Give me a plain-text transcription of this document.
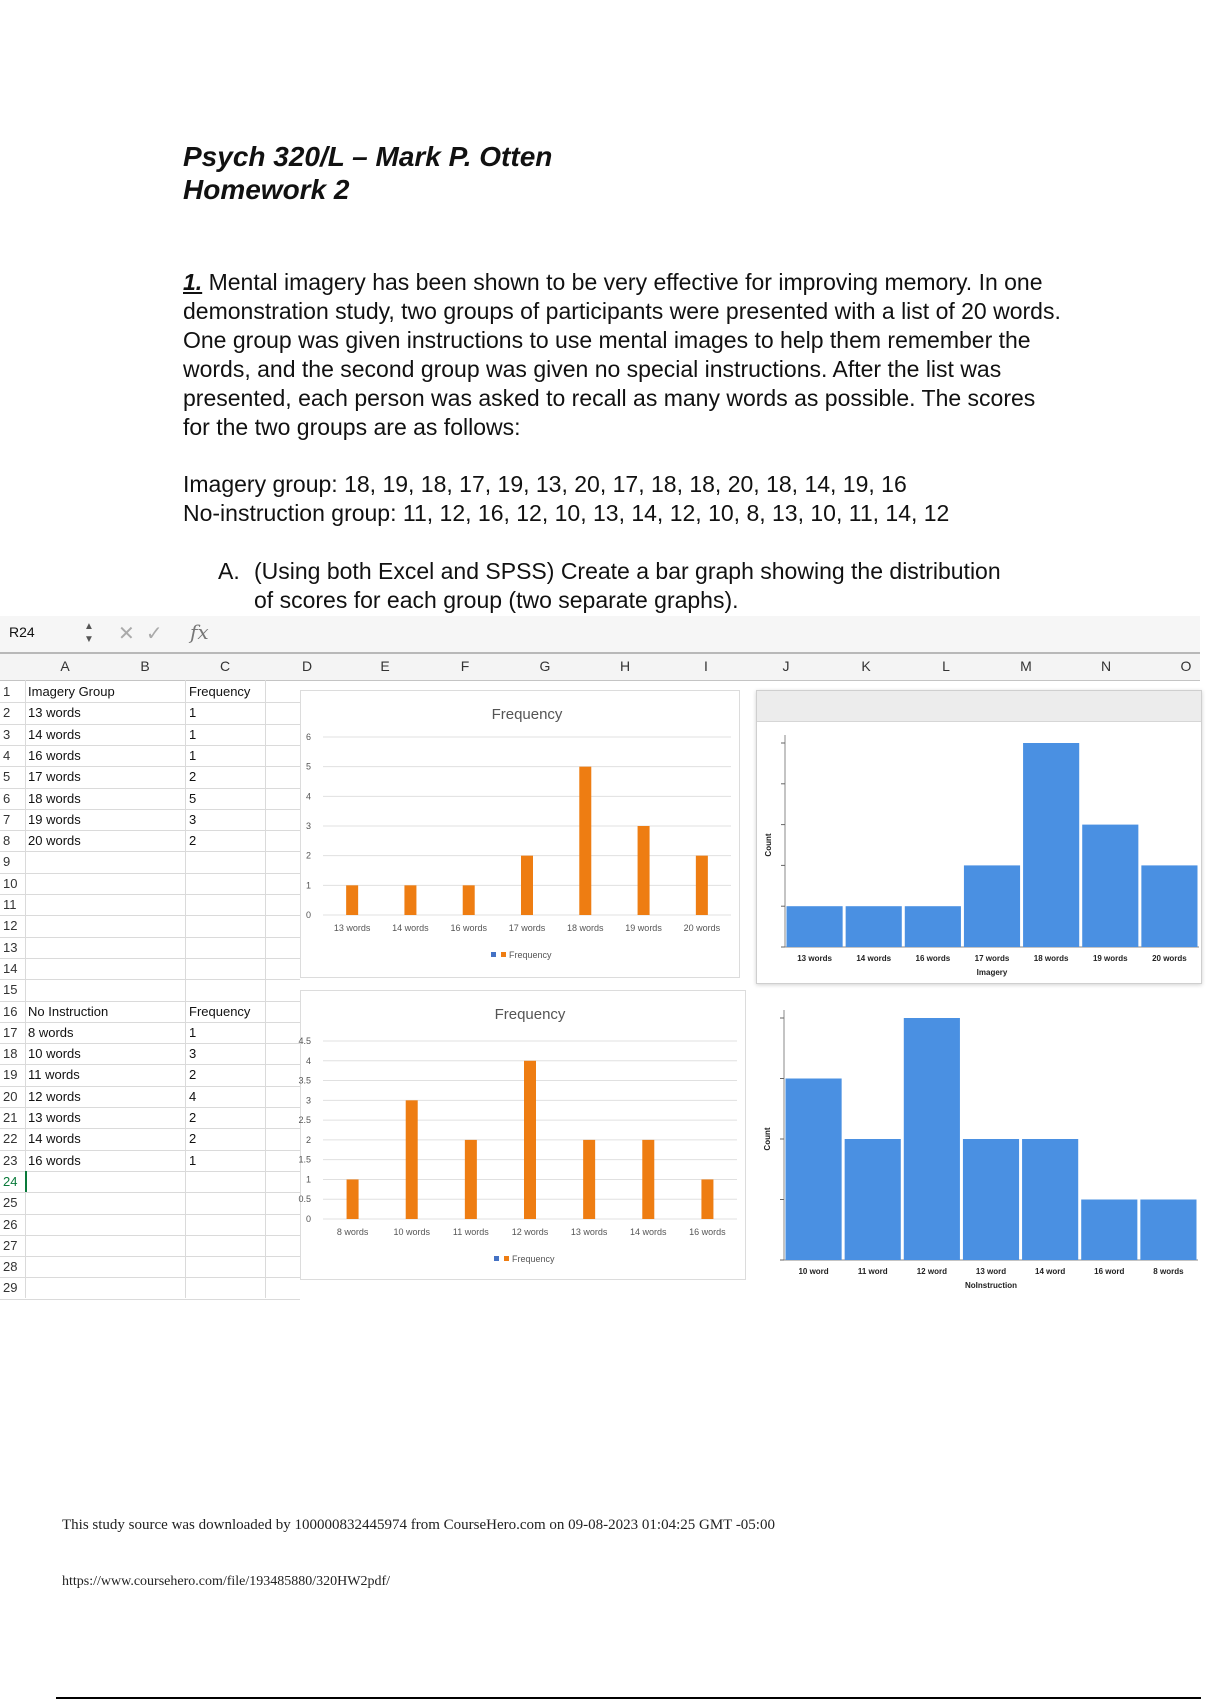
Psych 320/L – Mark P. Otten
Homework 2
1. Mental imagery has been shown to be very effective for improving memory. In one demonstration study, two groups of participants were presented with a list of 20 words. One group was given instructions to use mental images to help them remember the words, and the second group was given no special instructions. After the list was presented, each person was asked to recall as many words as possible. The scores for the two groups are as follows:
Imagery group: 18, 19, 18, 17, 19, 13, 20, 17, 18, 18, 20, 18, 14, 19, 16
No-instruction group: 11, 12, 16, 12, 10, 13, 14, 12, 10, 8, 13, 10, 11, 14, 12
A. (Using both Excel and SPSS) Create a bar graph showing the distribution
of scores for each group (two separate graphs).
R24	▲
▼ ✕  ✓ fx
A	B	C	D	E	F	G	H	I	J	K	L	M	N	O
1
2
3
4
5
6
7
8
9
10
11
12
13
14
15
16
17
18
19
20
21
22
23
24
25
26
27
28
29
Imagery Group	Frequency
13 words	1
14 words	1
16 words	1
17 words	2
18 words	5
19 words	3
20 words	2
No Instruction	Frequency
8 words	1
10 words	3
11 words	2
12 words	4
13 words	2
14 words	2
16 words	1
Frequency
0
1
2
3
4
5
6
13 words 14 words 16 words 17 words 18 words 19 words 20 words
Frequency
Frequency
0
0.5
1
1.5
2
2.5
3
3.5
4
4.5
8 words	10 words	11 words	12 words	13 words	14 words	16 words
Frequency
13 words	14 words	16 words	17 words	18 words	19 words	20 words
Imagery
Count
10 word	11 word	12 word	13 word	14 word	16 word	8 words
NoInstruction
Count
This study source was downloaded by 100000832445974 from CourseHero.com on 09-08-2023 01:04:25 GMT -05:00
https://www.coursehero.com/file/193485880/320HW2pdf/
